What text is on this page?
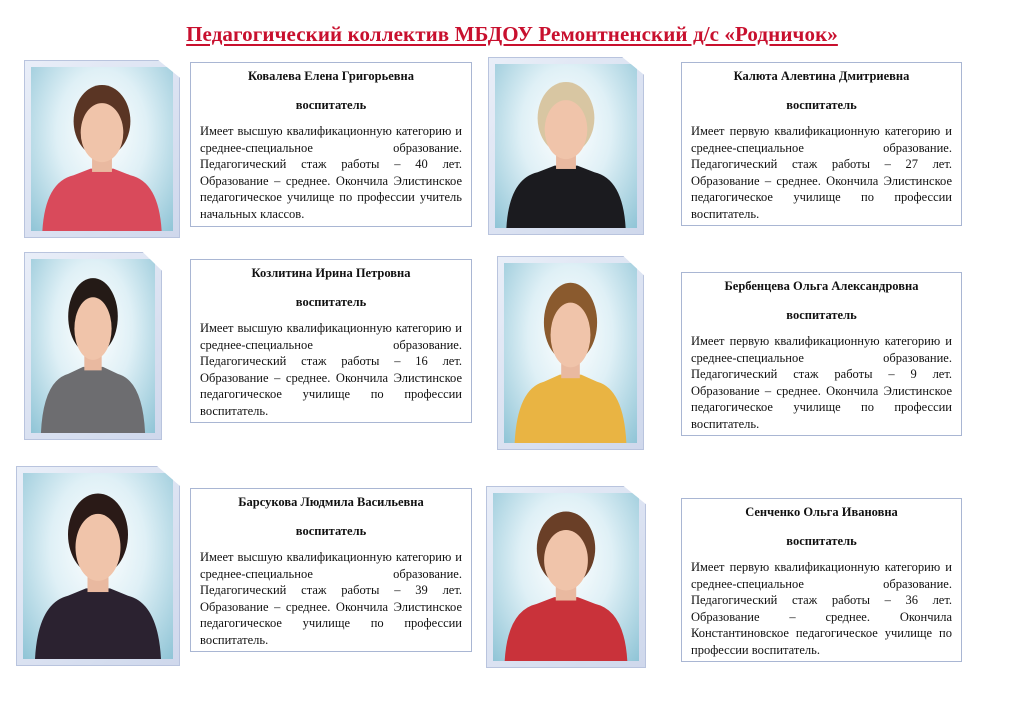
Педагогический коллектив МБДОУ Ремонтненский д/с «Родничок»

Ковалева Елена Григорьевна

воспитатель

Имеет высшую квалификационную категорию и среднее-специальное образование. Педагогический стаж работы – 40 лет. Образование – среднее. Окончила Элистинское педагогическое училище по профессии учитель начальных классов.

Калюта Алевтина Дмитриевна

воспитатель

Имеет первую квалификационную категорию и среднее-специальное образование. Педагогический стаж работы – 27 лет. Образование – среднее. Окончила Элистинское педагогическое училище по профессии воспитатель.

Козлитина Ирина Петровна

воспитатель

Имеет высшую квалификационную категорию и среднее-специальное образование. Педагогический стаж работы – 16 лет. Образование – среднее. Окончила Элистинское педагогическое училище по профессии воспитатель.

Бербенцева Ольга Александровна

воспитатель

Имеет первую квалификационную категорию и среднее-специальное образование. Педагогический стаж работы – 9 лет. Образование – среднее. Окончила Элистинское педагогическое училище по профессии воспитатель.

Барсукова Людмила Васильевна

воспитатель

Имеет высшую квалификационную категорию и среднее-специальное образование. Педагогический стаж работы – 39 лет. Образование – среднее. Окончила Элистинское педагогическое училище по профессии воспитатель.

Сенченко Ольга Ивановна

воспитатель

Имеет первую квалификационную категорию и среднее-специальное образование. Педагогический стаж работы – 36 лет. Образование – среднее. Окончила Константиновское педагогическое училище по профессии воспитатель.
